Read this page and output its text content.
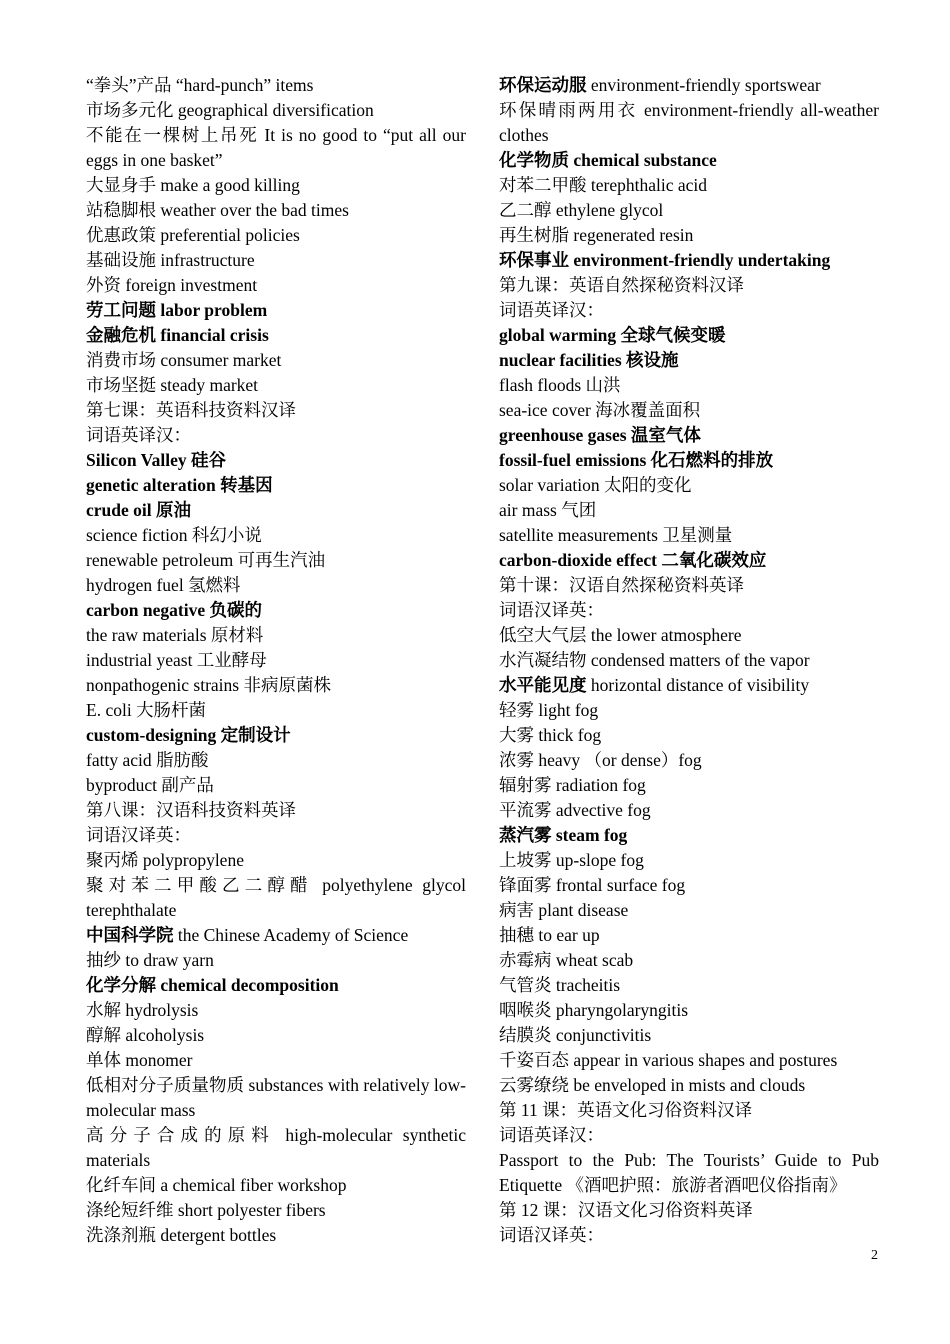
“拳头”产品 “hard-punch” items
市场多元化 geographical diversification
不能在一棵树上吊死 It is no good to “put all our eggs in one basket”
大显身手 make a good killing
站稳脚根 weather over the bad times
优惠政策 preferential policies
基础设施 infrastructure
外资 foreign investment
劳工问题 labor problem
金融危机 financial crisis
消费市场 consumer market
市场坚挺 steady market
第七课：英语科技资料汉译
词语英译汉：
Silicon Valley 硅谷
genetic alteration 转基因
crude oil 原油
science fiction 科幻小说
renewable petroleum 可再生汽油
hydrogen fuel 氢燃料
carbon negative 负碳的
the raw materials 原材料
industrial yeast 工业酵母
nonpathogenic strains 非病原菌株
E. coli 大肠杆菌
custom-designing 定制设计
fatty acid 脂肪酸
byproduct 副产品
第八课：汉语科技资料英译
词语汉译英：
聚丙烯 polypropylene
聚对苯二甲酸乙二醇醋 polyethylene glycol terephthalate
中国科学院 the Chinese Academy of Science
抽纱 to draw yarn
化学分解 chemical decomposition
水解 hydrolysis
醇解 alcoholysis
单体 monomer
低相对分子质量物质 substances with relatively low- molecular mass
高分子合成的原料 high-molecular synthetic materials
化纤车间 a chemical fiber workshop
涤纶短纤维 short polyester fibers
洗涤剂瓶 detergent bottles
环保运动服 environment-friendly sportswear
环保晴雨两用衣 environment-friendly all-weather clothes
化学物质 chemical substance
对苯二甲酸 terephthalic acid
乙二醇 ethylene glycol
再生树脂 regenerated resin
环保事业 environment-friendly undertaking
第九课：英语自然探秘资料汉译
词语英译汉：
global warming 全球气候变暖
nuclear facilities 核设施
flash floods 山洪
sea-ice cover 海冰覆盖面积
greenhouse gases 温室气体
fossil-fuel emissions 化石燃料的排放
solar variation 太阳的变化
air mass 气团
satellite measurements 卫星测量
carbon-dioxide effect 二氧化碳效应
第十课：汉语自然探秘资料英译
词语汉译英：
低空大气层 the lower atmosphere
水汽凝结物 condensed matters of the vapor
水平能见度 horizontal distance of visibility
轻雾 light fog
大雾 thick fog
浓雾 heavy （or dense）fog
辐射雾 radiation fog
平流雾 advective fog
蒸汽雾 steam fog
上坡雾 up-slope fog
锋面雾 frontal surface fog
病害 plant disease
抽穗 to ear up
赤霉病 wheat scab
气管炎 tracheitis
咽喉炎 pharyngolaryngitis
结膜炎 conjunctivitis
千姿百态 appear in various shapes and postures
云雾缭绕 be enveloped in mists and clouds
第 11 课：英语文化习俗资料汉译
词语英译汉：
Passport to the Pub: The Tourists’ Guide to Pub Etiquette 《酒吧护照：旅游者酒吧仪俗指南》
第 12 课：汉语文化习俗资料英译
词语汉译英：
2
